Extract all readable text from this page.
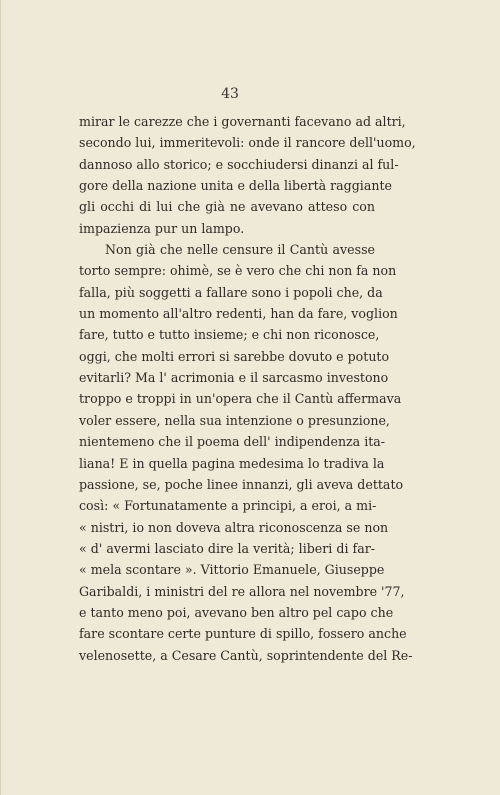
43
mirar le carezze che i governanti facevano ad altri,
secondo lui, immeritevoli: onde il rancore dell'uomo,
dannoso allo storico; e socchiudersi dinanzi al ful-
gore della nazione unita e della libertà raggiante
gli occhi di lui che già ne avevano atteso con
impazienza pur un lampo.
Non già che nelle censure il Cantù avesse
torto sempre: ohimè, se è vero che chi non fa non
falla, più soggetti a fallare sono i popoli che, da
un momento all'altro redenti, han da fare, voglion
fare, tutto e tutto insieme; e chi non riconosce,
oggi, che molti errori si sarebbe dovuto e potuto
evitarli? Ma l' acrimonia e il sarcasmo investono
troppo e troppi in un'opera che il Cantù affermava
voler essere, nella sua intenzione o presunzione,
nientemeno che il poema dell' indipendenza ita-
liana! E in quella pagina medesima lo tradiva la
passione, se, poche linee innanzi, gli aveva dettato
così: « Fortunatamente a principi, a eroi, a mi-
« nistri, io non doveva altra riconoscenza se non
« d' avermi lasciato dire la verità; liberi di far-
« mela scontare ». Vittorio Emanuele, Giuseppe
Garibaldi, i ministri del re allora nel novembre '77,
e tanto meno poi, avevano ben altro pel capo che
fare scontare certe punture di spillo, fossero anche
velenosette, a Cesare Cantù, soprintendente del Re-
